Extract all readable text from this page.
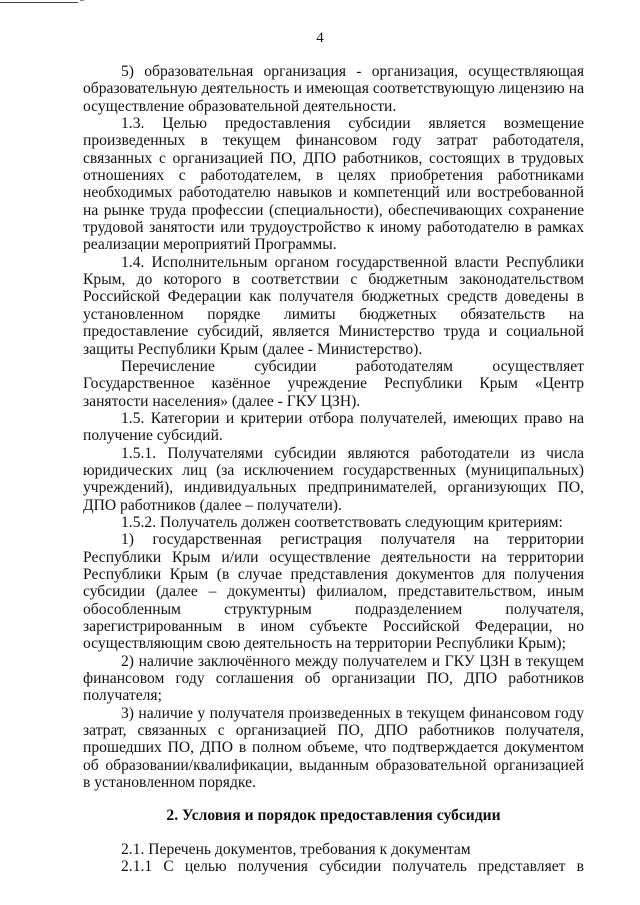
4

5) образовательная организация - организация, осуществляющая образовательную деятельность и имеющая соответствующую лицензию на осуществление образовательной деятельности.

1.3. Целью предоставления субсидии является возмещение произведенных в текущем финансовом году затрат работодателя, связанных с организацией ПО, ДПО работников, состоящих в трудовых отношениях с работодателем, в целях приобретения работниками необходимых работодателю навыков и компетенций или востребованной на рынке труда профессии (специальности), обеспечивающих сохранение трудовой занятости или трудоустройство к иному работодателю в рамках реализации мероприятий Программы.

1.4. Исполнительным органом государственной власти Республики Крым, до которого в соответствии с бюджетным законодательством Российской Федерации как получателя бюджетных средств доведены в установленном порядке лимиты бюджетных обязательств на предоставление субсидий, является Министерство труда и социальной защиты Республики Крым (далее - Министерство).

Перечисление субсидии работодателям осуществляет Государственное казённое учреждение Республики Крым «Центр занятости населения» (далее - ГКУ ЦЗН).

1.5. Категории и критерии отбора получателей, имеющих право на получение субсидий.

1.5.1. Получателями субсидии являются работодатели из числа юридических лиц (за исключением государственных (муниципальных) учреждений), индивидуальных предпринимателей, организующих ПО, ДПО работников (далее – получатели).

1.5.2. Получатель должен соответствовать следующим критериям:

1) государственная регистрация получателя на территории Республики Крым и/или осуществление деятельности на территории Республики Крым (в случае представления документов для получения субсидии (далее – документы) филиалом, представительством, иным обособленным структурным подразделением получателя, зарегистрированным в ином субъекте Российской Федерации, но осуществляющим свою деятельность на территории Республики Крым);

2) наличие заключённого между получателем и ГКУ ЦЗН в текущем финансовом году соглашения об организации ПО, ДПО работников получателя;

3) наличие у получателя произведенных в текущем финансовом году затрат, связанных с организацией ПО, ДПО работников получателя, прошедших ПО, ДПО в полном объеме, что подтверждается документом об образовании/квалификации, выданным образовательной организацией в установленном порядке.

2. Условия и порядок предоставления субсидии

2.1. Перечень документов, требования к документам

2.1.1 С целью получения субсидии получатель представляет в
